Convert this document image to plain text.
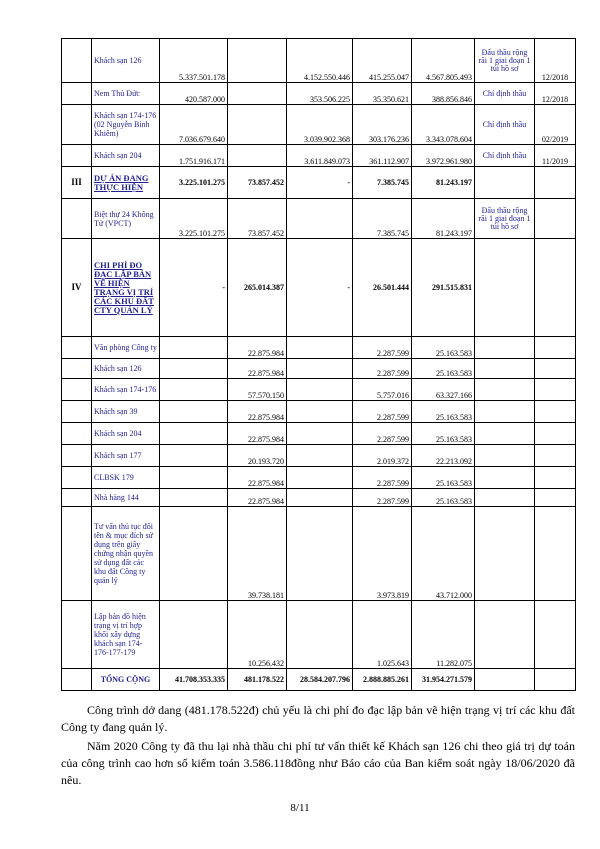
	Khách sạn 126	5.337.501.178		4.152.550.446	415.255.047	4.567.805.493	Đấu thầu rộng rãi 1 giai đoạn 1 túi hồ sơ	12/2018
	Nem Thủ Đức	420.587.000		353.506.225	35.350.621	388.856.846	Chỉ định thầu	12/2018
	Khách sạn 174-176 (02 Nguyễn Bỉnh Khiêm)	7.036.679.640		3.039.902.368	303.176.236	3.343.078.604	Chỉ định thầu	02/2019
	Khách sạn 204	1.751.916.171		3.611.849.073	361.112.907	3.972.961.980	Chỉ định thầu	11/2019
III	DỰ ÁN ĐANG THỰC HIỆN	3.225.101.275	73.857.452	-	7.385.745	81.243.197		
	Biệt thự 24 Không Tử (VPCT)	3.225.101.275	73.857.452		7.385.745	81.243.197	Đấu thầu rộng rãi 1 giai đoạn 1 túi hồ sơ	
IV	CHI PHÍ ĐO ĐẠC LẬP BẢN VẼ HIỆN TRẠNG VỊ TRÍ CÁC KHU ĐẤT CTY QUẢN LÝ	-	265.014.387	-	26.501.444	291.515.831		
	Văn phòng Công ty		22.875.984		2.287.599	25.163.583		
	Khách sạn 126		22.875.984		2.287.599	25.163.583		
	Khách sạn 174-176		57.570.150		5.757.016	63.327.166		
	Khách sạn 39		22.875.984		2.287.599	25.163.583		
	Khách sạn 204		22.875.984		2.287.599	25.163.583		
	Khách sạn 177		20.193.720		2.019.372	22.213.092		
	CLBSK 179		22.875.984		2.287.599	25.163.583		
	Nhà hàng 144		22.875.984		2.287.599	25.163.583		
	Tư vấn thủ tục đổi tên & mục đích sử dụng trên giấy chứng nhận quyền sử dụng đất các khu đất Công ty quản lý		39.738.181		3.973.819	43.712.000		
	Lập bản đồ hiện trạng vị trí hợp khối xây dựng khách sạn 174-176-177-179		10.256.432		1.025.643	11.282.075		
	TỔNG CỘNG	41.708.353.335	481.178.522	28.584.207.796	2.888.885.261	31.954.271.579		

Công trình dở dang (481.178.522đ) chủ yếu là chi phí đo đạc lập bản vẽ hiện trạng vị trí các khu đất Công ty đang quản lý.

Năm 2020 Công ty đã thu lại nhà thầu chi phí tư vấn thiết kế Khách sạn 126 chi theo giá trị dự toán của công trình cao hơn số kiểm toán 3.586.118đồng như Báo cáo của Ban kiểm soát ngày 18/06/2020 đã nêu.

8/11
